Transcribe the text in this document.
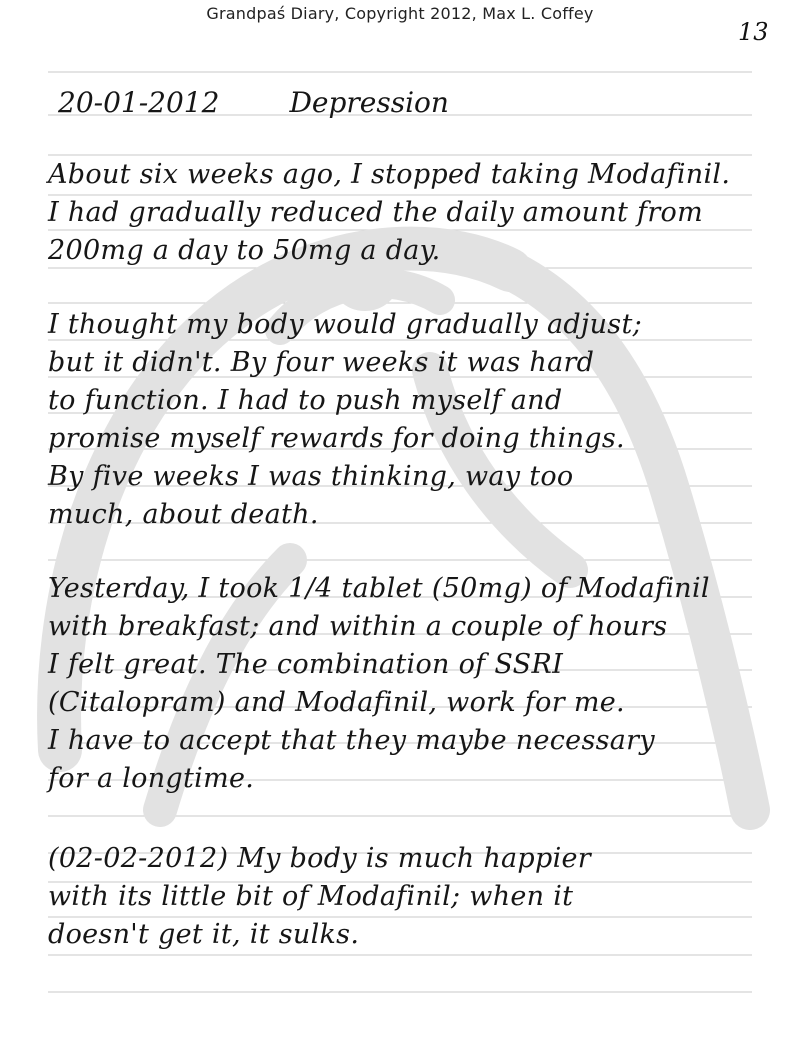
Grandpaś Diary, Copyright 2012, Max L. Coffey
13
20-01-2012	Depression
About six weeks ago, I stopped taking Modafinil.
I had gradually reduced the daily amount from
200mg a day to 50mg a day.
I thought my body would gradually adjust;
but it didn't. By four weeks it was hard
to function. I had to push myself and
promise myself rewards for doing things.
By five weeks I was thinking, way too
much, about death.
Yesterday, I took 1/4 tablet (50mg) of Modafinil
with breakfast; and within a couple of hours
I felt great. The combination of SSRI
(Citalopram) and Modafinil, work for me.
I have to accept that they maybe necessary
for a longtime.
(02-02-2012) My body is much happier
with its little bit of Modafinil; when it
doesn't get it, it sulks.
